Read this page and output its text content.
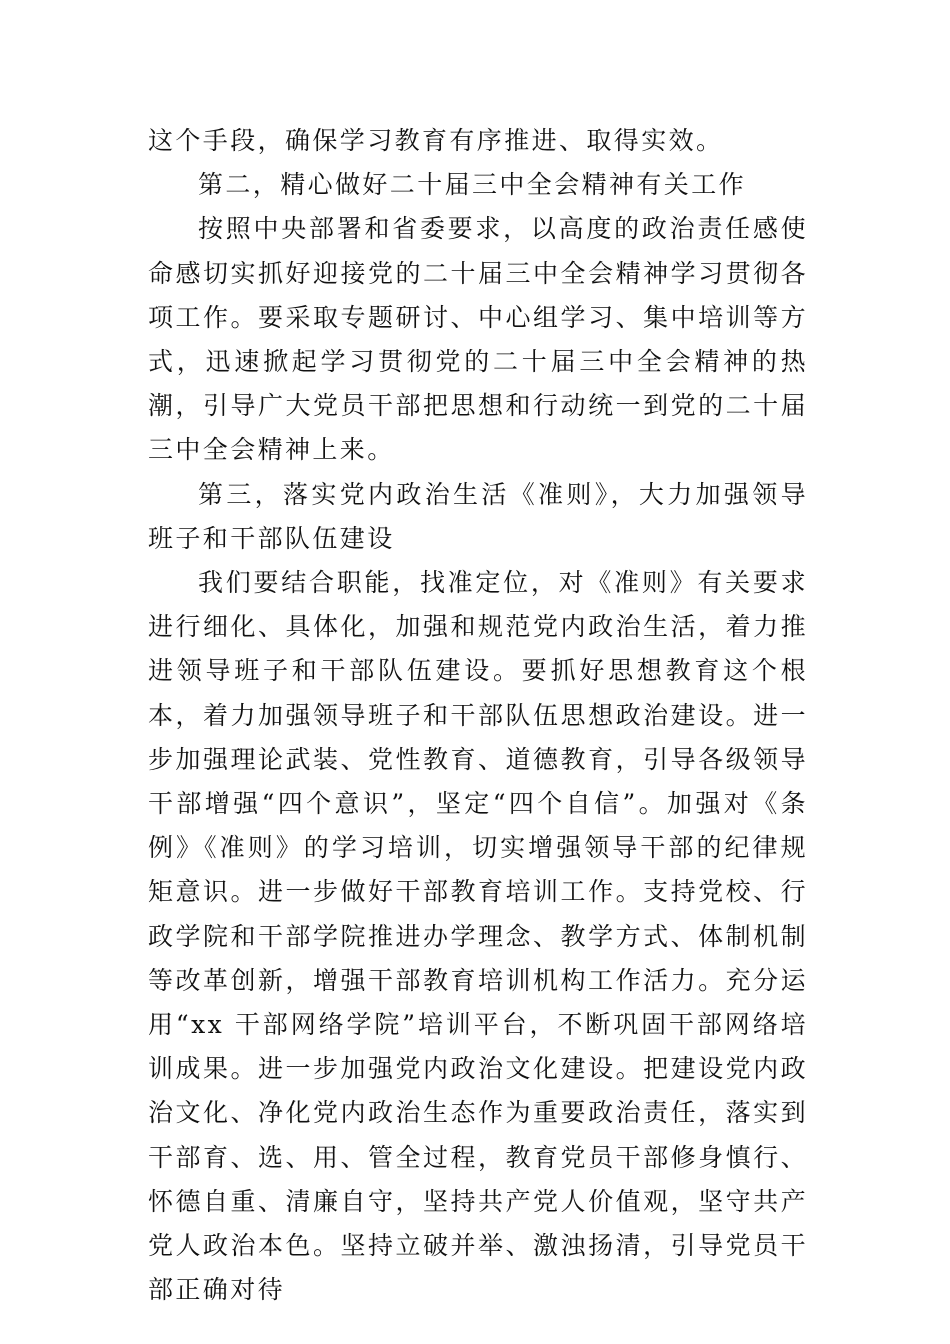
这个手段，确保学习教育有序推进、取得实效。

第二，精心做好二十届三中全会精神有关工作

按照中央部署和省委要求，以高度的政治责任感使命感切实抓好迎接党的二十届三中全会精神学习贯彻各项工作。要采取专题研讨、中心组学习、集中培训等方式，迅速掀起学习贯彻党的二十届三中全会精神的热潮，引导广大党员干部把思想和行动统一到党的二十届三中全会精神上来。

第三，落实党内政治生活《准则》，大力加强领导班子和干部队伍建设

我们要结合职能，找准定位，对《准则》有关要求进行细化、具体化，加强和规范党内政治生活，着力推进领导班子和干部队伍建设。要抓好思想教育这个根本，着力加强领导班子和干部队伍思想政治建设。进一步加强理论武装、党性教育、道德教育，引导各级领导干部增强“四个意识”，坚定“四个自信”。加强对《条例》《准则》的学习培训，切实增强领导干部的纪律规矩意识。进一步做好干部教育培训工作。支持党校、行政学院和干部学院推进办学理念、教学方式、体制机制等改革创新，增强干部教育培训机构工作活力。充分运用“xx 干部网络学院”培训平台，不断巩固干部网络培训成果。进一步加强党内政治文化建设。把建设党内政治文化、净化党内政治生态作为重要政治责任，落实到干部育、选、用、管全过程，教育党员干部修身慎行、怀德自重、清廉自守，坚持共产党人价值观，坚守共产党人政治本色。坚持立破并举、激浊扬清，引导党员干部正确对待
